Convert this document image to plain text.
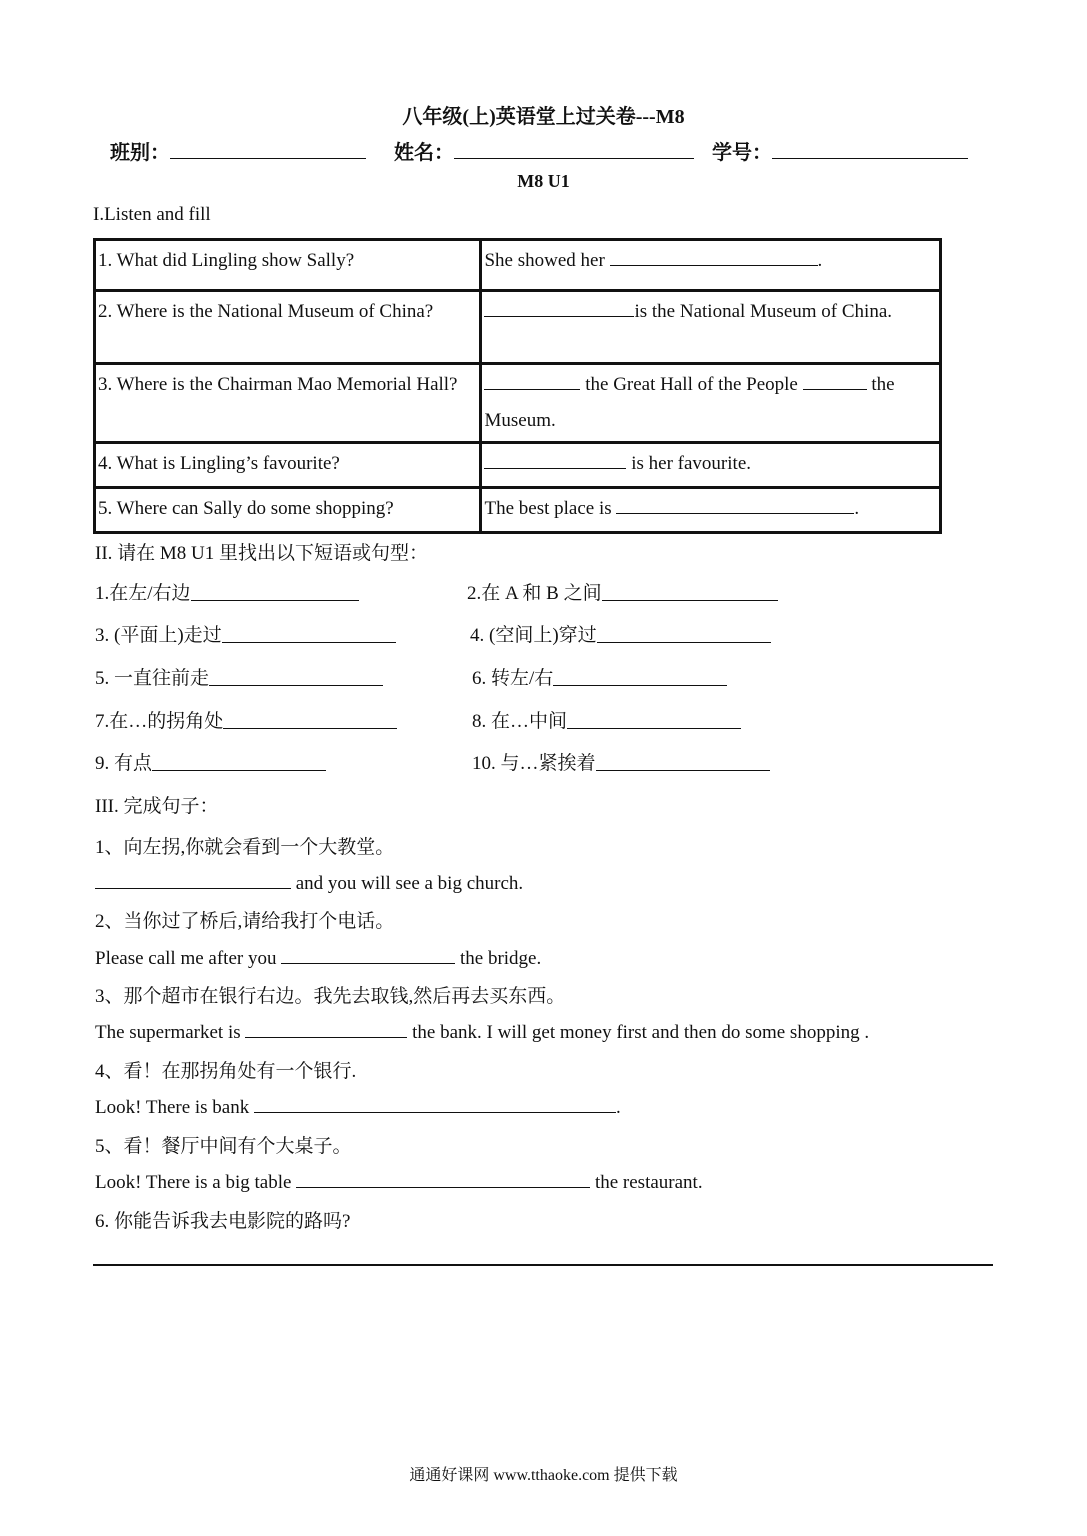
八年级(上)英语堂上过关卷---M8
班别：	姓名：	学号：
M8 U1
I.Listen and fill
1. What did Lingling show Sally?	She showed her .
2. Where is the National Museum of China?	is the National Museum of China.
3. Where is the Chairman Mao Memorial Hall?	the Great Hall of the People the Museum.
4. What is Lingling’s favourite?	is her favourite.
5. Where can Sally do some shopping?	The best place is .
II. 请在 M8 U1 里找出以下短语或句型：
1.在左/右边	2.在 A 和 B 之间
3. (平面上)走过	4. (空间上)穿过
5. 一直往前走	6. 转左/右
7.在…的拐角处	8. 在…中间
9. 有点	10. 与…紧挨着
III. 完成句子：
1、向左拐,你就会看到一个大教堂。
and you will see a big church.
2、当你过了桥后,请给我打个电话。
Please call me after you	the bridge.
3、那个超市在银行右边。我先去取钱,然后再去买东西。
The supermarket is	the bank. I will get money first and then do some shopping .
4、看！在那拐角处有一个银行.
Look! There is bank	.
5、看！餐厅中间有个大桌子。
Look! There is a big table	the restaurant.
6. 你能告诉我去电影院的路吗?
通通好课网 www.tthaoke.com 提供下载
